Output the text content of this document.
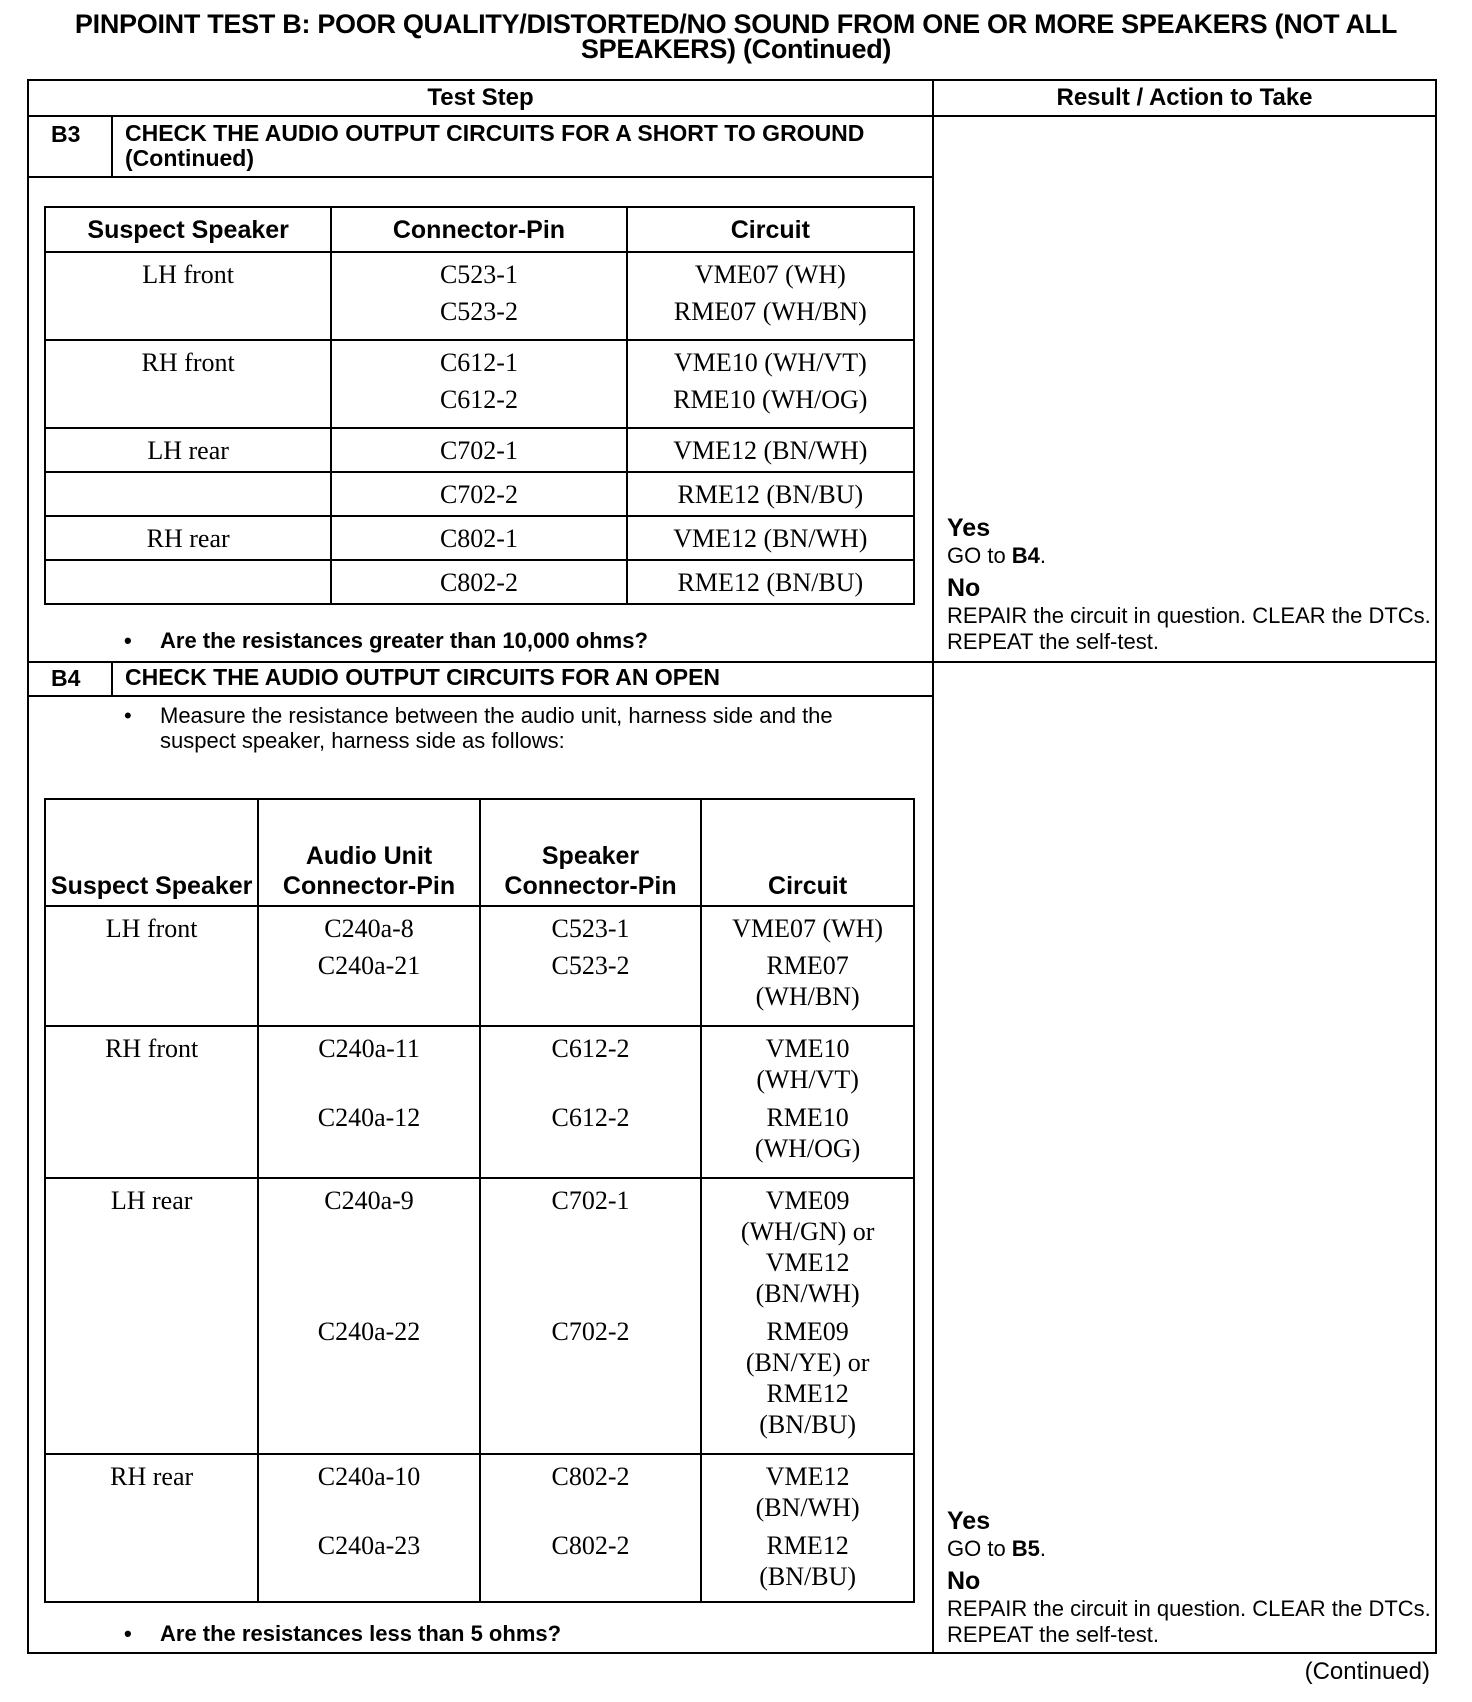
PINPOINT TEST B: POOR QUALITY/DISTORTED/NO SOUND FROM ONE OR MORE SPEAKERS (NOT ALL SPEAKERS) (Continued)
Test Step	Result / Action to Take
B3 CHECK THE AUDIO OUTPUT CIRCUITS FOR A SHORT TO GROUND (Continued)
Suspect Speaker	Connector-Pin	Circuit
LH front	C523-1	VME07 (WH)
	C523-2	RME07 (WH/BN)
RH front	C612-1	VME10 (WH/VT)
	C612-2	RME10 (WH/OG)
LH rear	C702-1	VME12 (BN/WH)
	C702-2	RME12 (BN/BU)
RH rear	C802-1	VME12 (BN/WH)
	C802-2	RME12 (BN/BU)
• Are the resistances greater than 10,000 ohms?
Yes
GO to B4.
No
REPAIR the circuit in question. CLEAR the DTCs. REPEAT the self-test.
B4 CHECK THE AUDIO OUTPUT CIRCUITS FOR AN OPEN
• Measure the resistance between the audio unit, harness side and the suspect speaker, harness side as follows:
Suspect Speaker	Audio Unit Connector-Pin	Speaker Connector-Pin	Circuit
LH front	C240a-8	C523-1	VME07 (WH)
	C240a-21	C523-2	RME07 (WH/BN)
RH front	C240a-11	C612-2	VME10 (WH/VT)
	C240a-12	C612-2	RME10 (WH/OG)
LH rear	C240a-9	C702-1	VME09 (WH/GN) or VME12 (BN/WH)
	C240a-22	C702-2	RME09 (BN/YE) or RME12 (BN/BU)
RH rear	C240a-10	C802-2	VME12 (BN/WH)
	C240a-23	C802-2	RME12 (BN/BU)
• Are the resistances less than 5 ohms?
Yes
GO to B5.
No
REPAIR the circuit in question. CLEAR the DTCs. REPEAT the self-test.
(Continued)
